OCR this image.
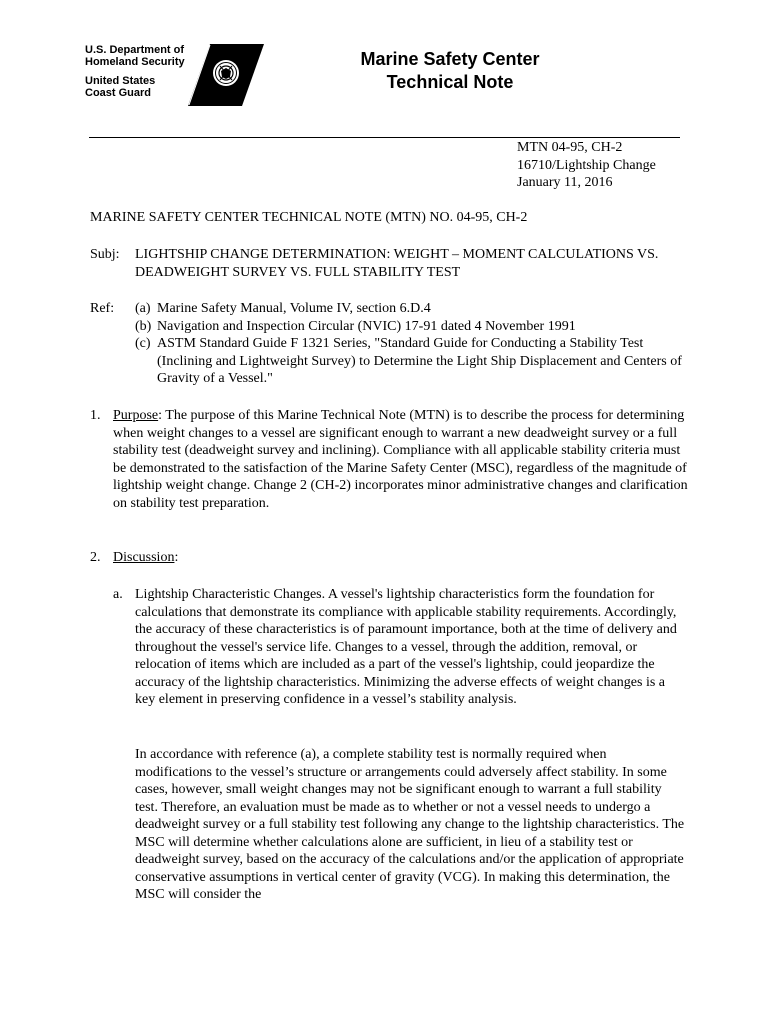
U.S. Department of
Homeland Security
United States
Coast Guard
Marine Safety Center
Technical Note
MTN 04-95, CH-2
16710/Lightship Change
January 11, 2016
MARINE SAFETY CENTER TECHNICAL NOTE (MTN) NO. 04-95, CH-2
Subj: LIGHTSHIP CHANGE DETERMINATION: WEIGHT – MOMENT CALCULATIONS VS. DEADWEIGHT SURVEY VS. FULL STABILITY TEST
Ref: (a) Marine Safety Manual, Volume IV, section 6.D.4
(b) Navigation and Inspection Circular (NVIC) 17-91 dated 4 November 1991
(c) ASTM Standard Guide F 1321 Series, "Standard Guide for Conducting a Stability Test (Inclining and Lightweight Survey) to Determine the Light Ship Displacement and Centers of Gravity of a Vessel."
1. Purpose: The purpose of this Marine Technical Note (MTN) is to describe the process for determining when weight changes to a vessel are significant enough to warrant a new deadweight survey or a full stability test (deadweight survey and inclining). Compliance with all applicable stability criteria must be demonstrated to the satisfaction of the Marine Safety Center (MSC), regardless of the magnitude of lightship weight change. Change 2 (CH-2) incorporates minor administrative changes and clarification on stability test preparation.
2. Discussion:
a. Lightship Characteristic Changes. A vessel's lightship characteristics form the foundation for calculations that demonstrate its compliance with applicable stability requirements. Accordingly, the accuracy of these characteristics is of paramount importance, both at the time of delivery and throughout the vessel's service life. Changes to a vessel, through the addition, removal, or relocation of items which are included as a part of the vessel's lightship, could jeopardize the accuracy of the lightship characteristics. Minimizing the adverse effects of weight changes is a key element in preserving confidence in a vessel’s stability analysis.
In accordance with reference (a), a complete stability test is normally required when modifications to the vessel’s structure or arrangements could adversely affect stability. In some cases, however, small weight changes may not be significant enough to warrant a full stability test. Therefore, an evaluation must be made as to whether or not a vessel needs to undergo a deadweight survey or a full stability test following any change to the lightship characteristics. The MSC will determine whether calculations alone are sufficient, in lieu of a stability test or deadweight survey, based on the accuracy of the calculations and/or the application of appropriate conservative assumptions in vertical center of gravity (VCG). In making this determination, the MSC will consider the
